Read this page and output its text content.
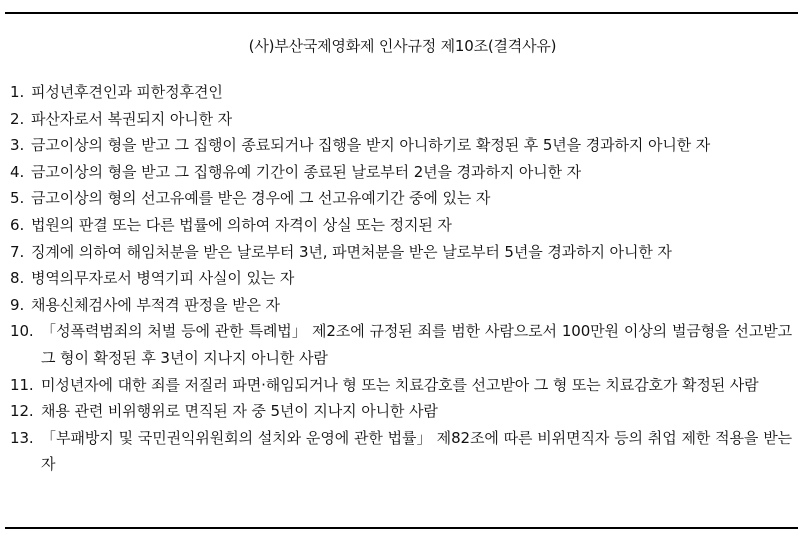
(사)부산국제영화제 인사규정 제10조(결격사유)
1. 피성년후견인과 피한정후견인
2. 파산자로서 복권되지 아니한 자
3. 금고이상의 형을 받고 그 집행이 종료되거나 집행을 받지 아니하기로 확정된 후 5년을 경과하지 아니한 자
4. 금고이상의 형을 받고 그 집행유예 기간이 종료된 날로부터 2년을 경과하지 아니한 자
5. 금고이상의 형의 선고유예를 받은 경우에 그 선고유예기간 중에 있는 자
6. 법원의 판결 또는 다른 법률에 의하여 자격이 상실 또는 정지된 자
7. 징계에 의하여 해임처분을 받은 날로부터 3년, 파면처분을 받은 날로부터 5년을 경과하지 아니한 자
8. 병역의무자로서 병역기피 사실이 있는 자
9. 채용신체검사에 부적격 판정을 받은 자
10. 「성폭력범죄의 처벌 등에 관한 특례법」 제2조에 규정된 죄를 범한 사람으로서 100만원 이상의 벌금형을 선고받고 그 형이 확정된 후 3년이 지나지 아니한 사람
11. 미성년자에 대한 죄를 저질러 파면·해임되거나 형 또는 치료감호를 선고받아 그 형 또는 치료감호가 확정된 사람
12. 채용 관련 비위행위로 면직된 자 중 5년이 지나지 아니한 사람
13. 「부패방지 및 국민권익위원회의 설치와 운영에 관한 법률」 제82조에 따른 비위면직자 등의 취업 제한 적용을 받는 자
